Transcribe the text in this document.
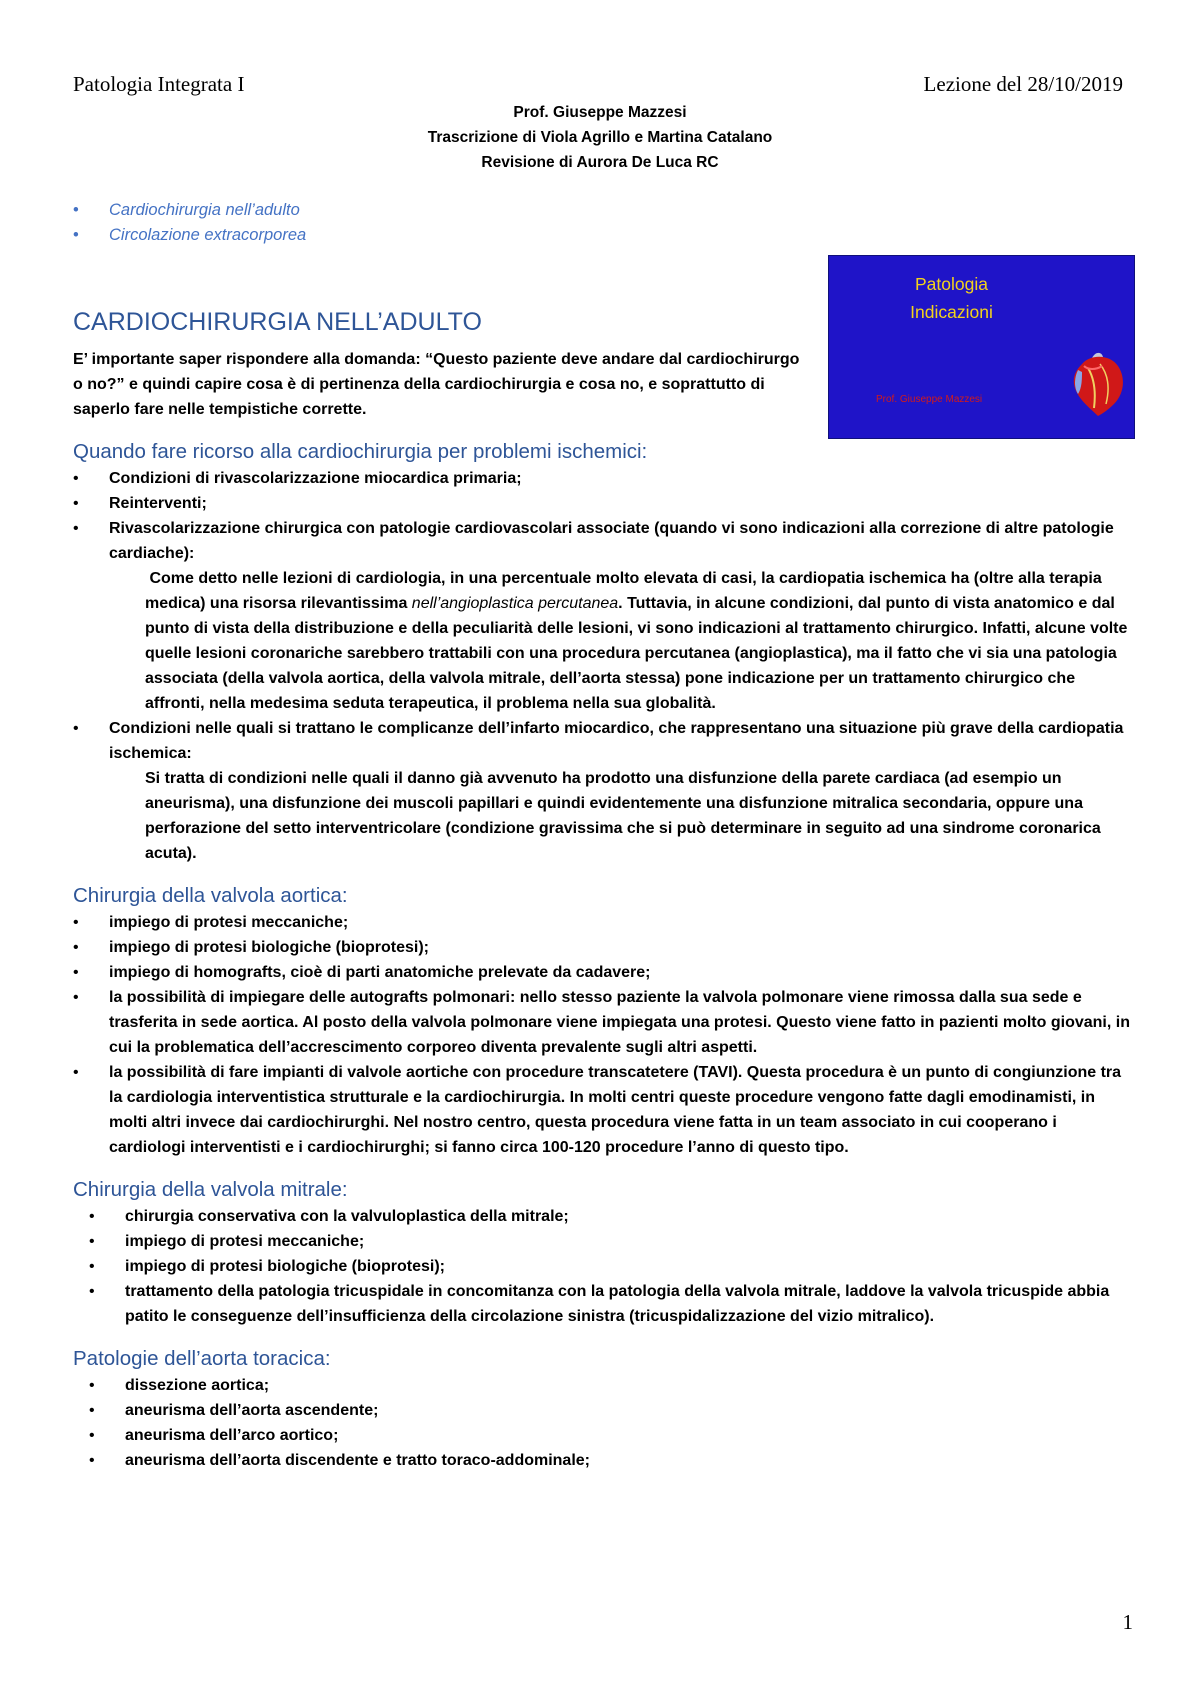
Patologia Integrata I	Lezione del 28/10/2019
Prof. Giuseppe Mazzesi
Trascrizione di Viola Agrillo e Martina Catalano
Revisione di Aurora De Luca RC
• Cardiochirurgia nell’adulto
• Circolazione extracorporea
Patologia
Indicazioni
Prof. Giuseppe Mazzesi
CARDIOCHIRURGIA NELL’ADULTO

E’ importante saper rispondere alla domanda: “Questo paziente deve andare dal cardiochirurgo o no?” e quindi capire cosa è di pertinenza della cardiochirurgia e cosa no, e soprattutto di saperlo fare nelle tempistiche corrette.

Quando fare ricorso alla cardiochirurgia per problemi ischemici:
• Condizioni di rivascolarizzazione miocardica primaria;
• Reinterventi;
• Rivascolarizzazione chirurgica con patologie cardiovascolari associate (quando vi sono indicazioni alla correzione di altre patologie cardiache):
Come detto nelle lezioni di cardiologia, in una percentuale molto elevata di casi, la cardiopatia ischemica ha (oltre alla terapia medica) una risorsa rilevantissima nell’angioplastica percutanea. Tuttavia, in alcune condizioni, dal punto di vista anatomico e dal punto di vista della distribuzione e della peculiarità delle lesioni, vi sono indicazioni al trattamento chirurgico. Infatti, alcune volte quelle lesioni coronariche sarebbero trattabili con una procedura percutanea (angioplastica), ma il fatto che vi sia una patologia associata (della valvola aortica, della valvola mitrale, dell’aorta stessa) pone indicazione per un trattamento chirurgico che affronti, nella medesima seduta terapeutica, il problema nella sua globalità.
• Condizioni nelle quali si trattano le complicanze dell’infarto miocardico, che rappresentano una situazione più grave della cardiopatia ischemica:
Si tratta di condizioni nelle quali il danno già avvenuto ha prodotto una disfunzione della parete cardiaca (ad esempio un aneurisma), una disfunzione dei muscoli papillari e quindi evidentemente una disfunzione mitralica secondaria, oppure una perforazione del setto interventricolare (condizione gravissima che si può determinare in seguito ad una sindrome coronarica acuta).
Chirurgia della valvola aortica:
• impiego di protesi meccaniche;
• impiego di protesi biologiche (bioprotesi);
• impiego di homografts, cioè di parti anatomiche prelevate da cadavere;
• la possibilità di impiegare delle autografts polmonari: nello stesso paziente la valvola polmonare viene rimossa dalla sua sede e trasferita in sede aortica. Al posto della valvola polmonare viene impiegata una protesi. Questo viene fatto in pazienti molto giovani, in cui la problematica dell’accrescimento corporeo diventa prevalente sugli altri aspetti.
• la possibilità di fare impianti di valvole aortiche con procedure transcatetere (TAVI). Questa procedura è un punto di congiunzione tra la cardiologia interventistica strutturale e la cardiochirurgia. In molti centri queste procedure vengono fatte dagli emodinamisti, in molti altri invece dai cardiochirurghi. Nel nostro centro, questa procedura viene fatta in un team associato in cui cooperano i cardiologi interventisti e i cardiochirurghi; si fanno circa 100-120 procedure l’anno di questo tipo.
Chirurgia della valvola mitrale:
• chirurgia conservativa con la valvuloplastica della mitrale;
• impiego di protesi meccaniche;
• impiego di protesi biologiche (bioprotesi);
• trattamento della patologia tricuspidale in concomitanza con la patologia della valvola mitrale, laddove la valvola tricuspide abbia patito le conseguenze dell’insufficienza della circolazione sinistra (tricuspidalizzazione del vizio mitralico).
Patologie dell’aorta toracica:
• dissezione aortica;
• aneurisma dell’aorta ascendente;
• aneurisma dell’arco aortico;
• aneurisma dell’aorta discendente e tratto toraco-addominale;
1
